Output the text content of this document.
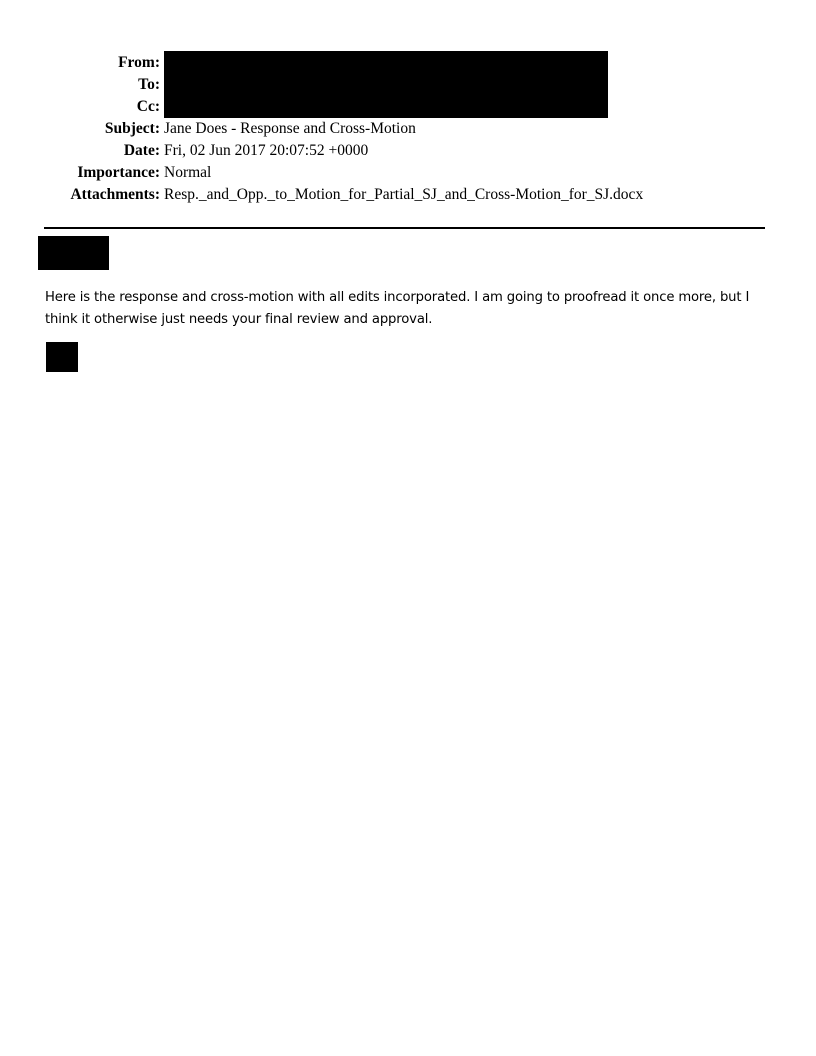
From:
To:
Cc:
Subject: Jane Does - Response and Cross-Motion
Date: Fri, 02 Jun 2017 20:07:52 +0000
Importance: Normal
Attachments: Resp._and_Opp._to_Motion_for_Partial_SJ_and_Cross-Motion_for_SJ.docx
Here is the response and cross-motion with all edits incorporated. I am going to proofread it once more, but I
think it otherwise just needs your final review and approval.
